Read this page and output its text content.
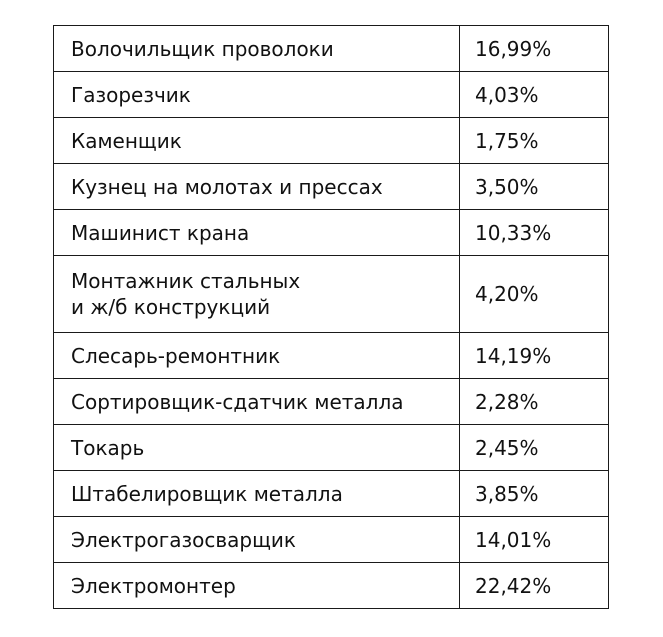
Волочильщик проволоки	16,99%

Газорезчик	4,03%

Каменщик	1,75%

Кузнец на молотах и прессах	3,50%

Машинист крана	10,33%

Монтажник стальных
и ж/б конструкций	4,20%

Слесарь-ремонтник	14,19%

Сортировщик-сдатчик металла	2,28%

Токарь	2,45%

Штабелировщик металла	3,85%

Электрогазосварщик	14,01%

Электромонтер	22,42%
